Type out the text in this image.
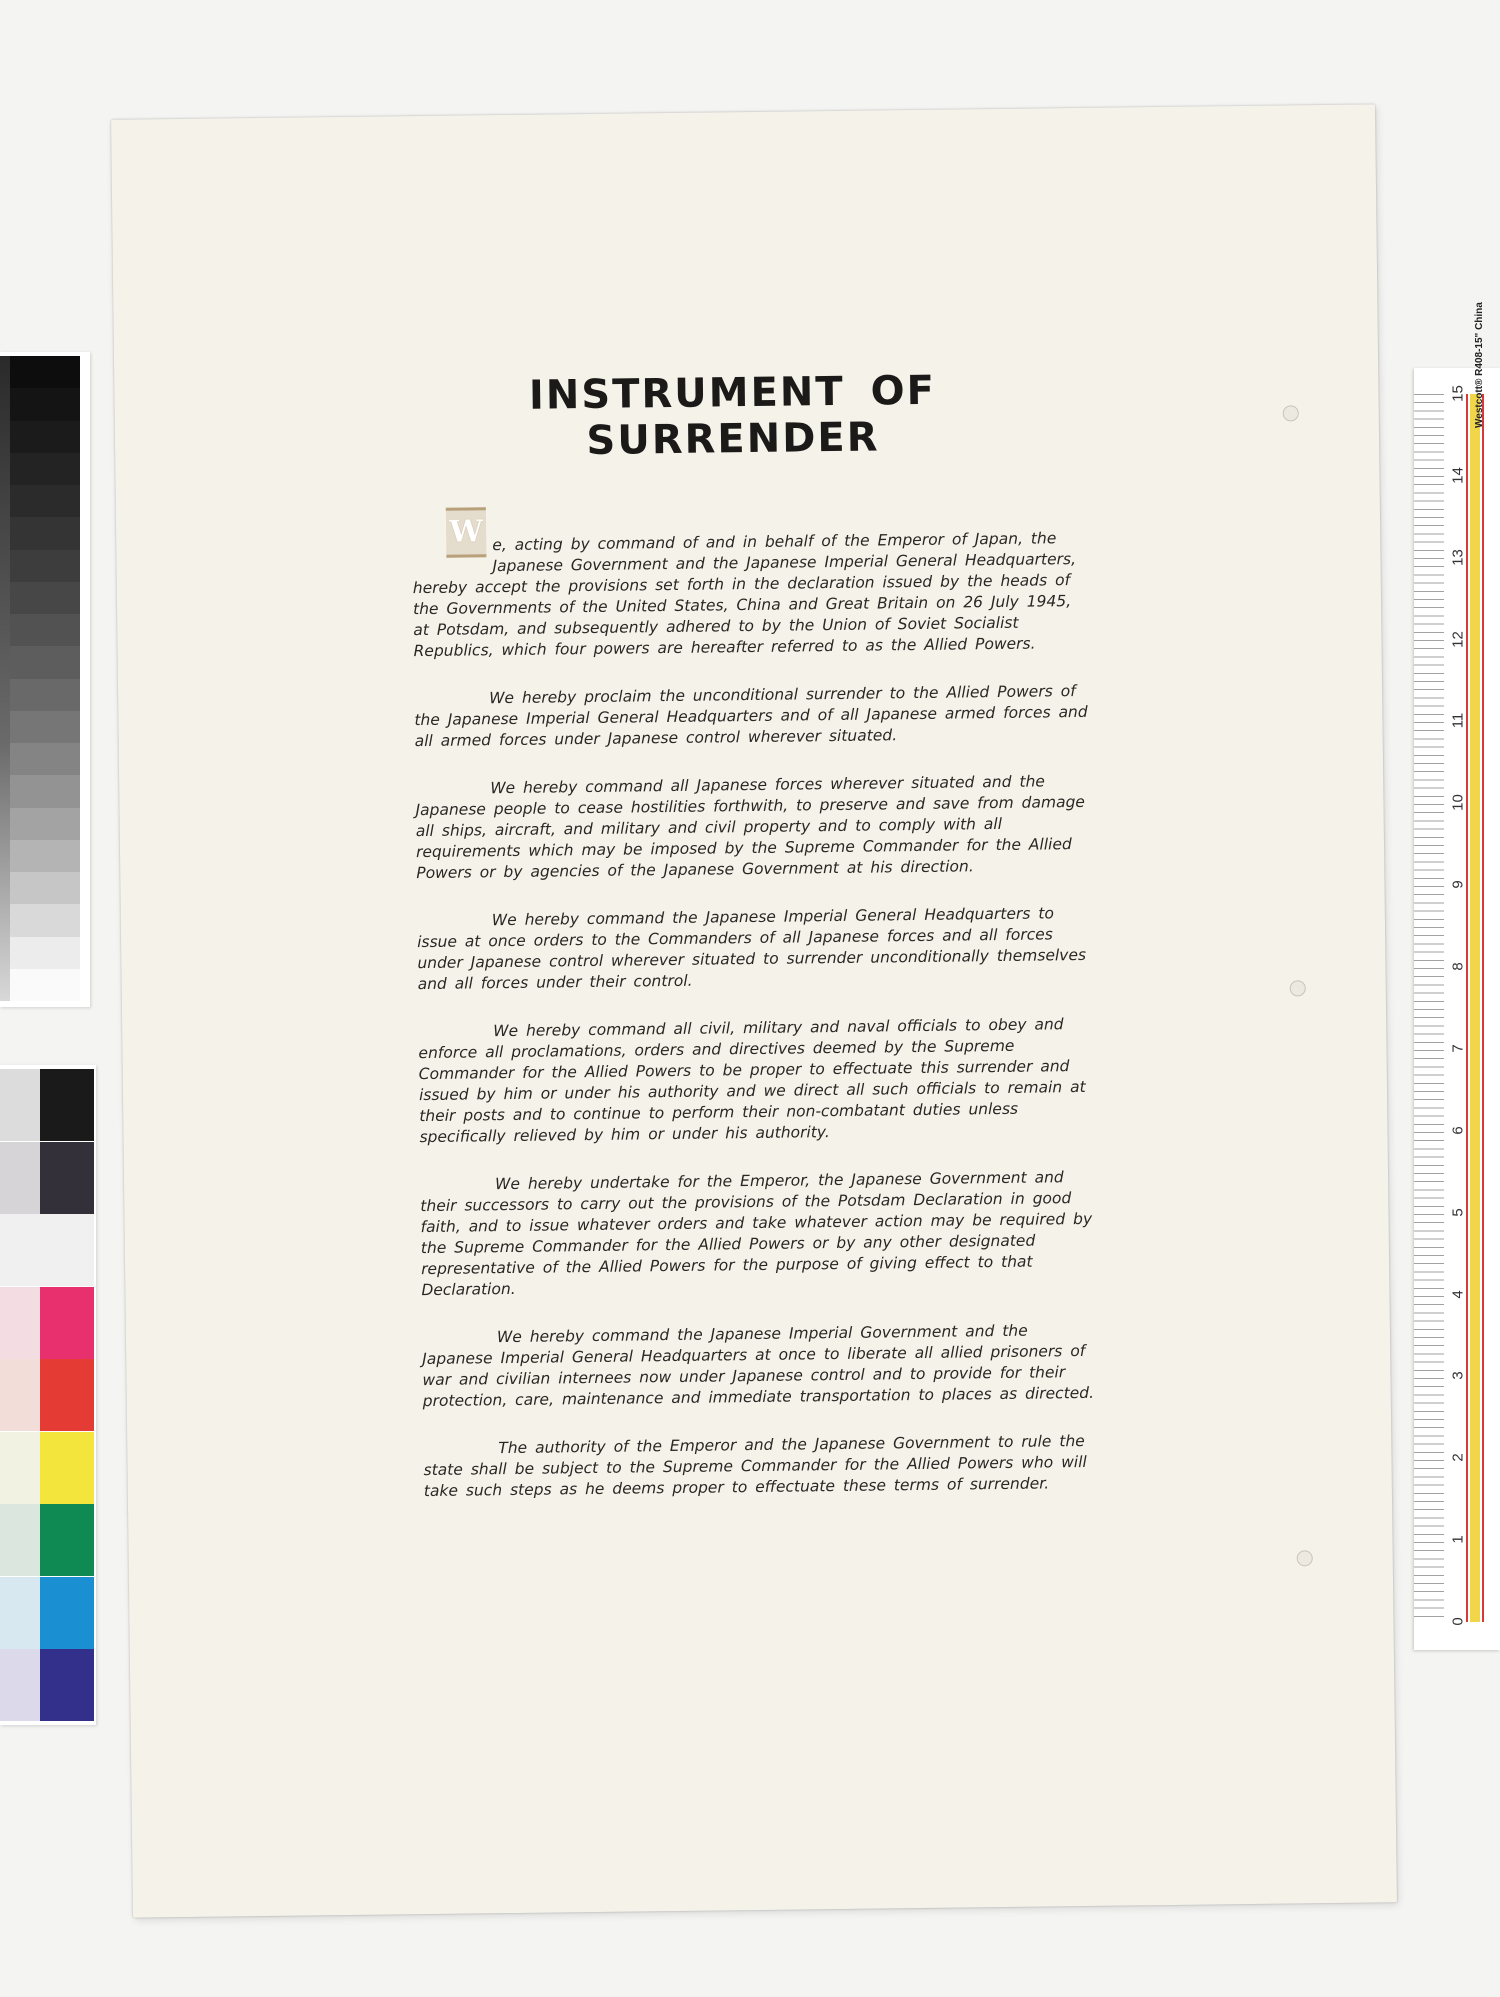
Westcott® R408-15" China
15
14
13
12
11
10
9
8
7
6
5
4
3
2
1
0
INSTRUMENT OF SURRENDER

W e, acting by command of and in behalf of the Emperor of Japan, the Japanese Government and the Japanese Imperial General Headquarters, hereby accept the provisions set forth in the declaration issued by the heads of the Governments of the United States, China and Great Britain on 26 July 1945, at Potsdam, and subsequently adhered to by the Union of Soviet Socialist Republics, which four powers are hereafter referred to as the Allied Powers.

We hereby proclaim the unconditional surrender to the Allied Powers of the Japanese Imperial General Headquarters and of all Japanese armed forces and all armed forces under Japanese control wherever situated.

We hereby command all Japanese forces wherever situated and the Japanese people to cease hostilities forthwith, to preserve and save from damage all ships, aircraft, and military and civil property and to comply with all requirements which may be imposed by the Supreme Commander for the Allied Powers or by agencies of the Japanese Government at his direction.

We hereby command the Japanese Imperial General Headquarters to issue at once orders to the Commanders of all Japanese forces and all forces under Japanese control wherever situated to surrender unconditionally themselves and all forces under their control.

We hereby command all civil, military and naval officials to obey and enforce all proclamations, orders and directives deemed by the Supreme Commander for the Allied Powers to be proper to effectuate this surrender and issued by him or under his authority and we direct all such officials to remain at their posts and to continue to perform their non-combatant duties unless specifically relieved by him or under his authority.

We hereby undertake for the Emperor, the Japanese Government and their successors to carry out the provisions of the Potsdam Declaration in good faith, and to issue whatever orders and take whatever action may be required by the Supreme Commander for the Allied Powers or by any other designated representative of the Allied Powers for the purpose of giving effect to that Declaration.

We hereby command the Japanese Imperial Government and the Japanese Imperial General Headquarters at once to liberate all allied prisoners of war and civilian internees now under Japanese control and to provide for their protection, care, maintenance and immediate transportation to places as directed.

The authority of the Emperor and the Japanese Government to rule the state shall be subject to the Supreme Commander for the Allied Powers who will take such steps as he deems proper to effectuate these terms of surrender.
